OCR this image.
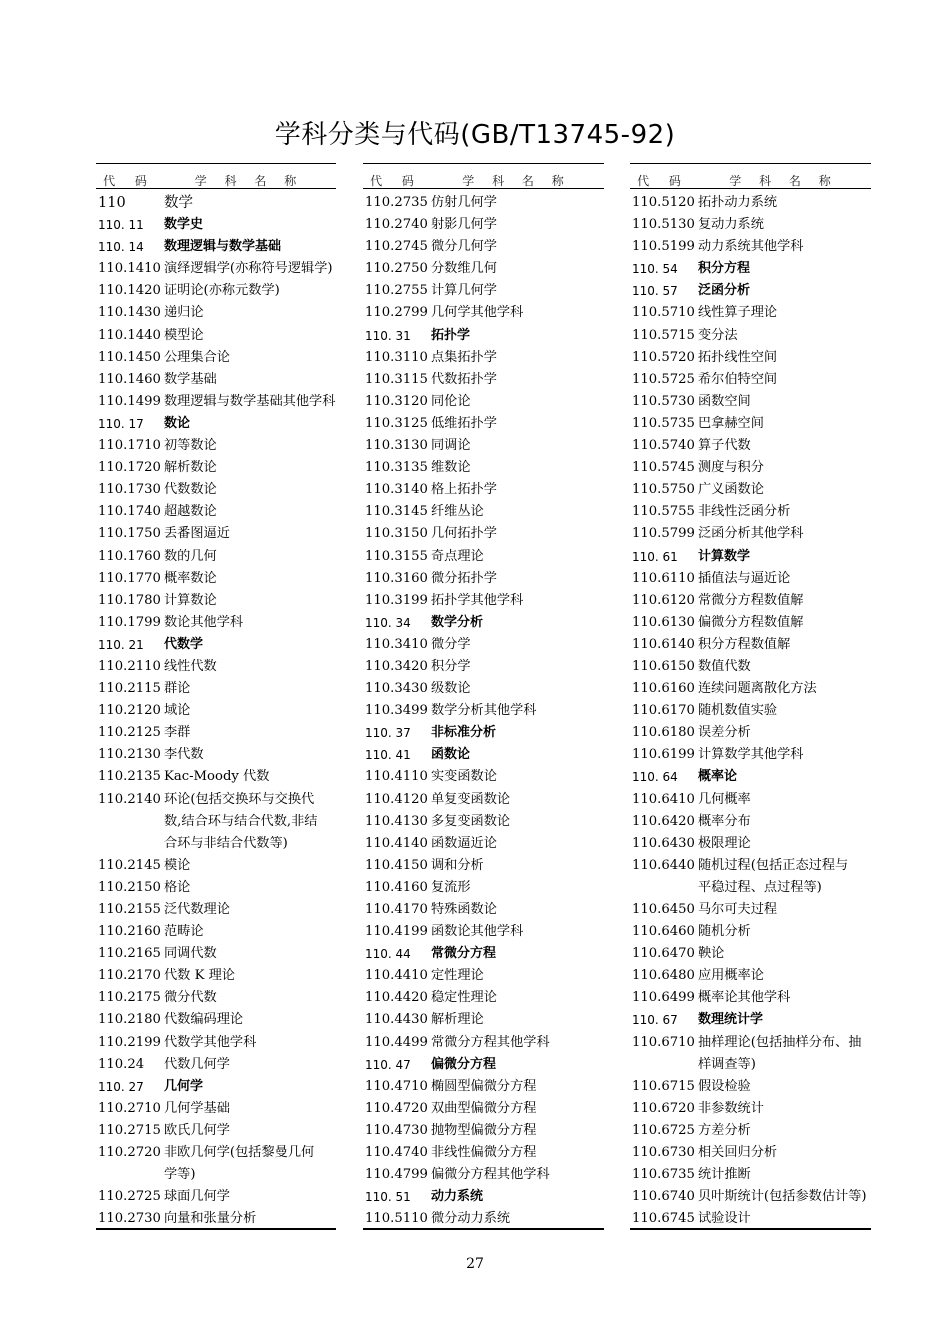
学科分类与代码(GB/T13745-92)
代 码	学 科 名 称
110	数学
110. 11 数学史
110. 14 数理逻辑与数学基础
110.1410 演绎逻辑学(亦称符号逻辑学)
110.1420 证明论(亦称元数学)
110.1430 递归论
110.1440 模型论
110.1450 公理集合论
110.1460 数学基础
110.1499 数理逻辑与数学基础其他学科
110. 17 数论
110.1710 初等数论
110.1720 解析数论
110.1730 代数数论
110.1740 超越数论
110.1750 丢番图逼近
110.1760 数的几何
110.1770 概率数论
110.1780 计算数论
110.1799 数论其他学科
110. 21 代数学
110.2110 线性代数
110.2115 群论
110.2120 域论
110.2125 李群
110.2130 李代数
110.2135 Kac-Moody 代数
110.2140 环论(包括交换环与交换代
数,结合环与结合代数,非结
合环与非结合代数等)
110.2145 模论
110.2150 格论
110.2155 泛代数理论
110.2160 范畴论
110.2165 同调代数
110.2170 代数 K 理论
110.2175 微分代数
110.2180 代数编码理论
110.2199 代数学其他学科
110.24 代数几何学
110. 27 几何学
110.2710 几何学基础
110.2715 欧氏几何学
110.2720 非欧几何学(包括黎曼几何
学等)
110.2725 球面几何学
110.2730 向量和张量分析
代 码	学 科 名 称
110.2735 仿射几何学
110.2740 射影几何学
110.2745 微分几何学
110.2750 分数维几何
110.2755 计算几何学
110.2799 几何学其他学科
110. 31 拓扑学
110.3110 点集拓扑学
110.3115 代数拓扑学
110.3120 同伦论
110.3125 低维拓扑学
110.3130 同调论
110.3135 维数论
110.3140 格上拓扑学
110.3145 纤维丛论
110.3150 几何拓扑学
110.3155 奇点理论
110.3160 微分拓扑学
110.3199 拓扑学其他学科
110. 34 数学分析
110.3410 微分学
110.3420 积分学
110.3430 级数论
110.3499 数学分析其他学科
110. 37 非标准分析
110. 41 函数论
110.4110 实变函数论
110.4120 单复变函数论
110.4130 多复变函数论
110.4140 函数逼近论
110.4150 调和分析
110.4160 复流形
110.4170 特殊函数论
110.4199 函数论其他学科
110. 44 常微分方程
110.4410 定性理论
110.4420 稳定性理论
110.4430 解析理论
110.4499 常微分方程其他学科
110. 47 偏微分方程
110.4710 椭圆型偏微分方程
110.4720 双曲型偏微分方程
110.4730 抛物型偏微分方程
110.4740 非线性偏微分方程
110.4799 偏微分方程其他学科
110. 51 动力系统
110.5110 微分动力系统
代 码	学 科 名 称
110.5120 拓扑动力系统
110.5130 复动力系统
110.5199 动力系统其他学科
110. 54 积分方程
110. 57 泛函分析
110.5710 线性算子理论
110.5715 变分法
110.5720 拓扑线性空间
110.5725 希尔伯特空间
110.5730 函数空间
110.5735 巴拿赫空间
110.5740 算子代数
110.5745 测度与积分
110.5750 广义函数论
110.5755 非线性泛函分析
110.5799 泛函分析其他学科
110. 61 计算数学
110.6110 插值法与逼近论
110.6120 常微分方程数值解
110.6130 偏微分方程数值解
110.6140 积分方程数值解
110.6150 数值代数
110.6160 连续问题离散化方法
110.6170 随机数值实验
110.6180 误差分析
110.6199 计算数学其他学科
110. 64 概率论
110.6410 几何概率
110.6420 概率分布
110.6430 极限理论
110.6440 随机过程(包括正态过程与
平稳过程、点过程等)
110.6450 马尔可夫过程
110.6460 随机分析
110.6470 鞅论
110.6480 应用概率论
110.6499 概率论其他学科
110. 67 数理统计学
110.6710 抽样理论(包括抽样分布、抽
样调查等)
110.6715 假设检验
110.6720 非参数统计
110.6725 方差分析
110.6730 相关回归分析
110.6735 统计推断
110.6740 贝叶斯统计(包括参数估计等)
110.6745 试验设计
27
